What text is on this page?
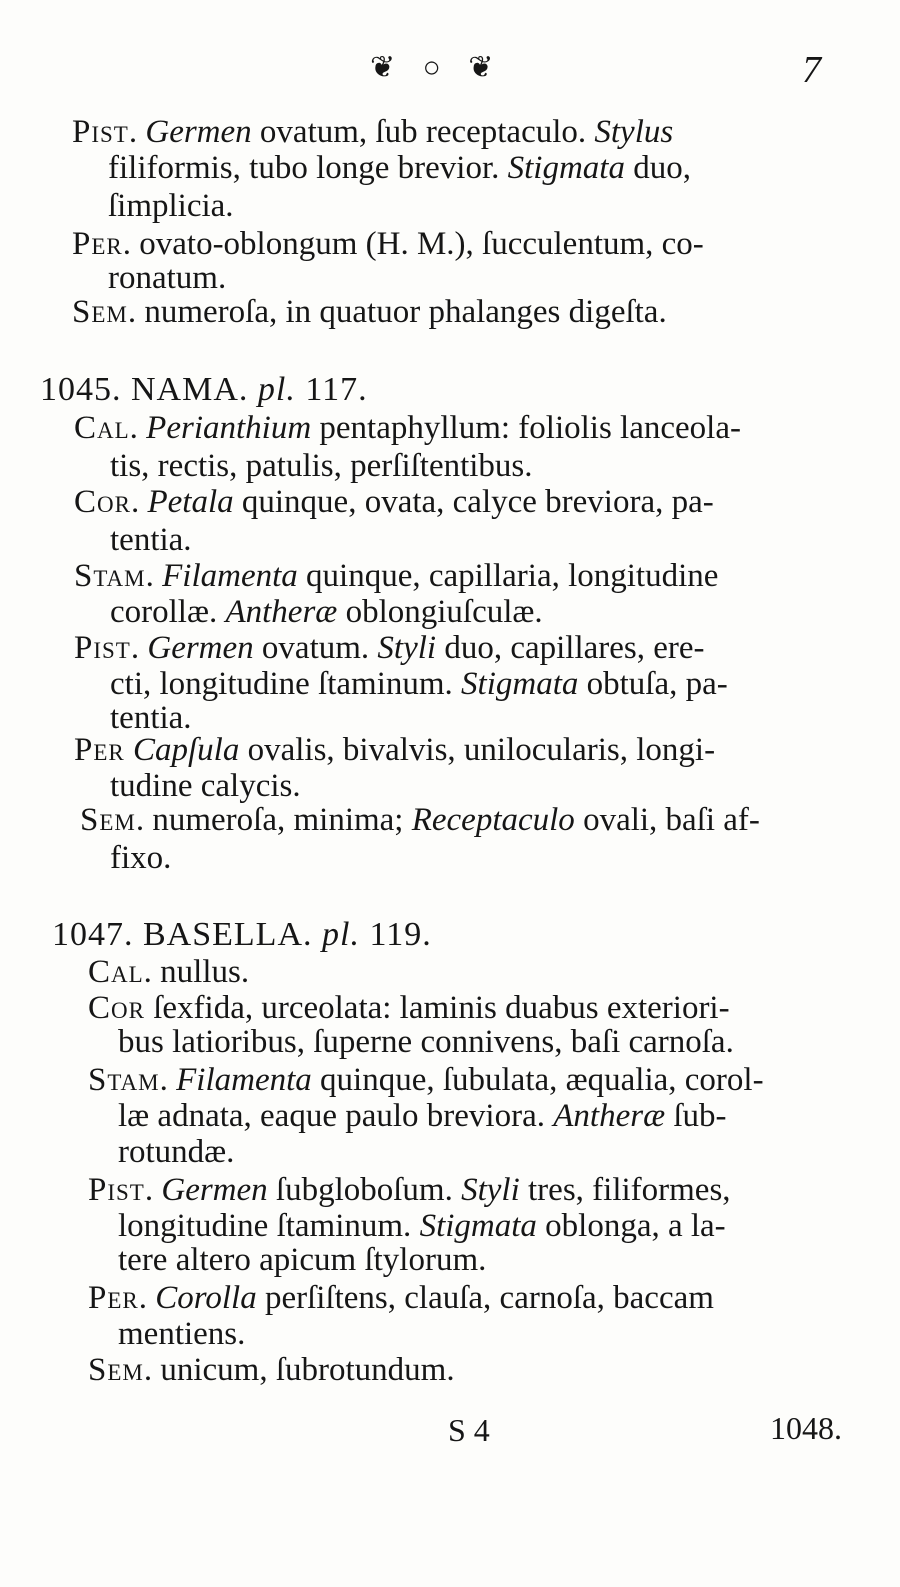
❦ ○ ❦	7
Pist. Germen ovatum, ſub receptaculo. Stylus
filiformis, tubo longe brevior. Stigmata duo,
ſimplicia.
Per. ovato-oblongum (H. M.), ſucculentum, co-
ronatum.
Sem. numeroſa, in quatuor phalanges digeſta.
1045. NAMA. pl. 117.
Cal. Perianthium pentaphyllum: foliolis lanceola-
tis, rectis, patulis, perſiſtentibus.
Cor. Petala quinque, ovata, calyce breviora, pa-
tentia.
Stam. Filamenta quinque, capillaria, longitudine
corollæ. Antheræ oblongiuſculæ.
Pist. Germen ovatum. Styli duo, capillares, ere-
cti, longitudine ſtaminum. Stigmata obtuſa, pa-
tentia.
Per Capſula ovalis, bivalvis, unilocularis, longi-
tudine calycis.
Sem. numeroſa, minima; Receptaculo ovali, baſi af-
fixo.
1047. BASELLA. pl. 119.
Cal. nullus.
Cor ſexfida, urceolata: laminis duabus exteriori-
bus latioribus, ſuperne connivens, baſi carnoſa.
Stam. Filamenta quinque, ſubulata, æqualia, corol-
læ adnata, eaque paulo breviora. Antheræ ſub-
rotundæ.
Pist. Germen ſubgloboſum. Styli tres, filiformes,
longitudine ſtaminum. Stigmata oblonga, a la-
tere altero apicum ſtylorum.
Per. Corolla perſiſtens, clauſa, carnoſa, baccam
mentiens.
Sem. unicum, ſubrotundum.
S 4	1048.
